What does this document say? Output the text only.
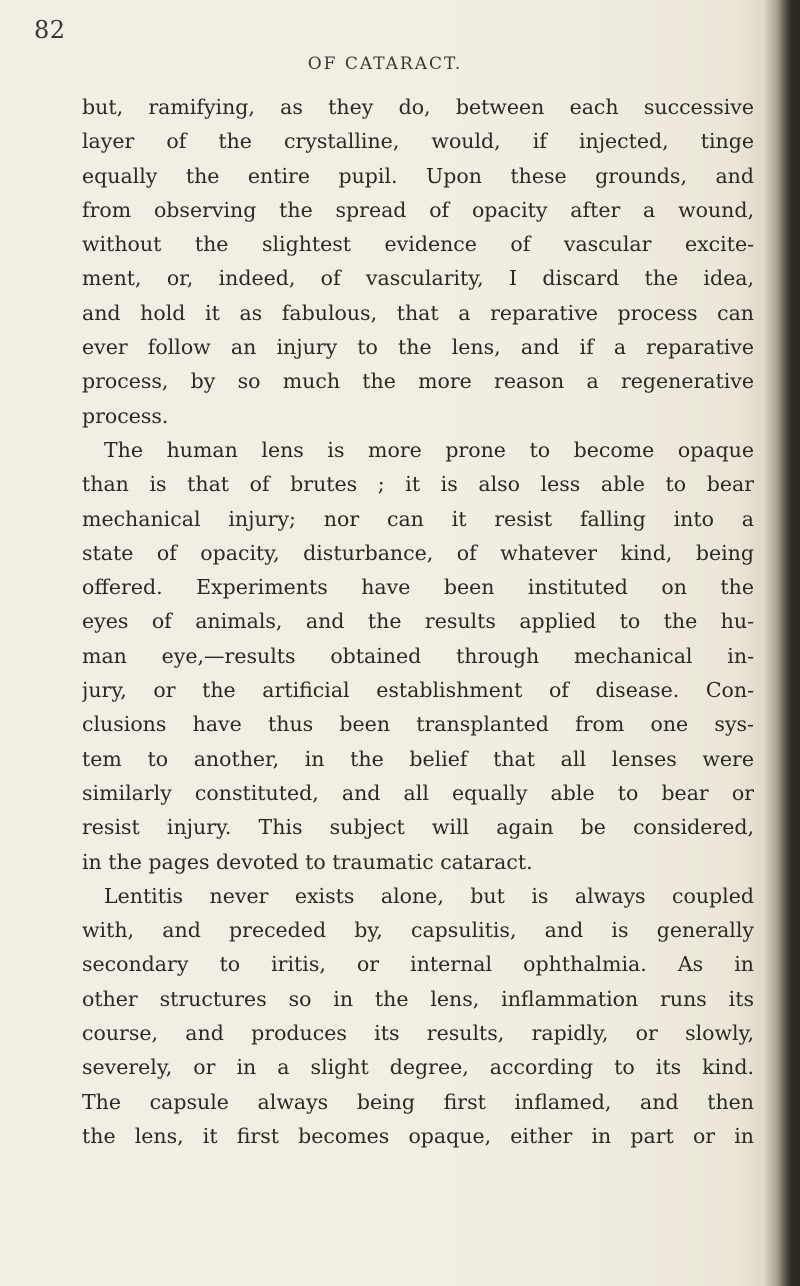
82
OF CATARACT.
but, ramifying, as they do, between each successive
layer of the crystalline, would, if injected, tinge
equally the entire pupil. Upon these grounds, and
from observing the spread of opacity after a wound,
without the slightest evidence of vascular excite-
ment, or, indeed, of vascularity, I discard the idea,
and hold it as fabulous, that a reparative process can
ever follow an injury to the lens, and if a reparative
process, by so much the more reason a regenerative
process.
The human lens is more prone to become opaque
than is that of brutes ; it is also less able to bear
mechanical injury; nor can it resist falling into a
state of opacity, disturbance, of whatever kind, being
offered. Experiments have been instituted on the
eyes of animals, and the results applied to the hu-
man eye,—results obtained through mechanical in-
jury, or the artificial establishment of disease. Con-
clusions have thus been transplanted from one sys-
tem to another, in the belief that all lenses were
similarly constituted, and all equally able to bear or
resist injury. This subject will again be considered,
in the pages devoted to traumatic cataract.
Lentitis never exists alone, but is always coupled
with, and preceded by, capsulitis, and is generally
secondary to iritis, or internal ophthalmia. As in
other structures so in the lens, inflammation runs its
course, and produces its results, rapidly, or slowly,
severely, or in a slight degree, according to its kind.
The capsule always being first inflamed, and then
the lens, it first becomes opaque, either in part or in
